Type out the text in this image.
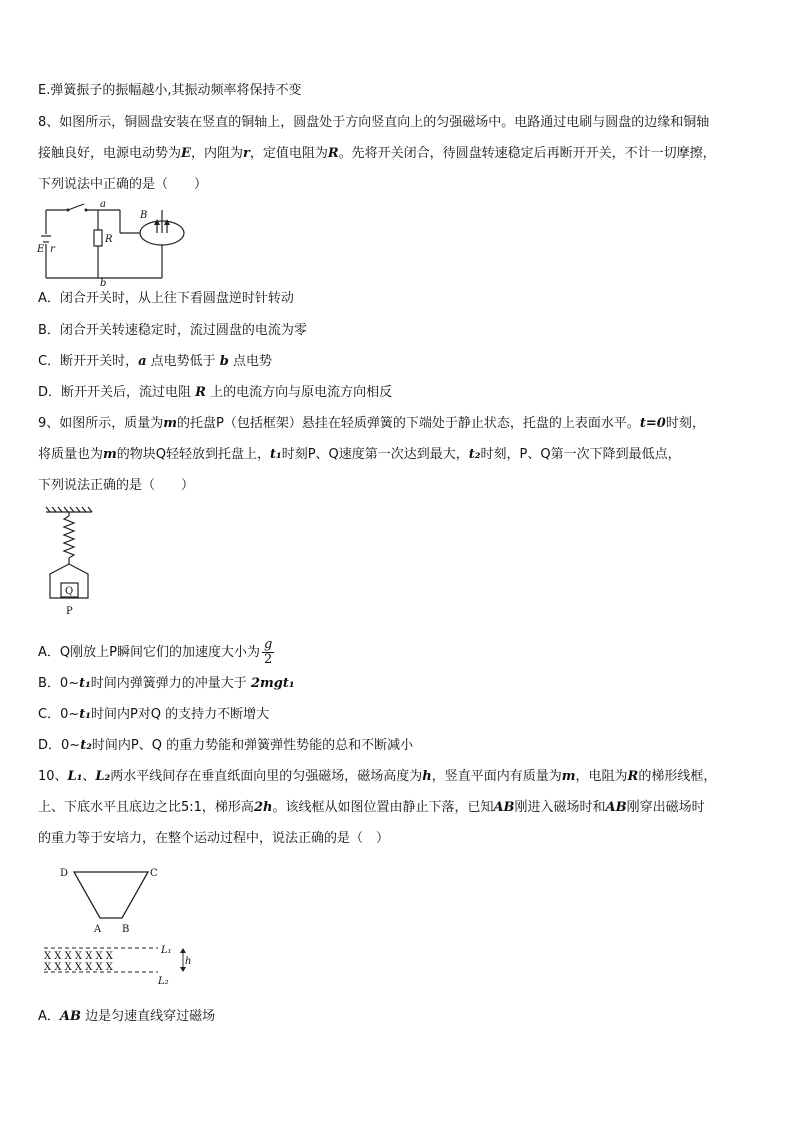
E.弹簧振子的振幅越小,其振动频率将保持不变
8、如图所示，铜圆盘安装在竖直的铜轴上，圆盘处于方向竖直向上的匀强磁场中。电路通过电刷与圆盘的边缘和铜轴
接触良好，电源电动势为E，内阻为r，定值电阻为R。先将开关闭合，待圆盘转速稳定后再断开开关，不计一切摩擦，
下列说法中正确的是（　　）
a
b
B
R
E r
A．闭合开关时，从上往下看圆盘逆时针转动
B．闭合开关转速稳定时，流过圆盘的电流为零
C．断开开关时，a 点电势低于 b 点电势
D．断开开关后，流过电阻 R 上的电流方向与原电流方向相反
9、如图所示，质量为m的托盘P（包括框架）悬挂在轻质弹簧的下端处于静止状态，托盘的上表面水平。t=0时刻，
将质量也为m的物块Q轻轻放到托盘上，t₁时刻P、Q速度第一次达到最大，t₂时刻，P、Q第一次下降到最低点，
下列说法正确的是（　　）
Q
P
A．Q刚放上P瞬间它们的加速度大小为 $\frac{g}{2}$
B．0~t₁时间内弹簧弹力的冲量大于 2mgt₁
C．0~t₁时间内P对Q 的支持力不断增大
D．0~t₂时间内P、Q 的重力势能和弹簧弹性势能的总和不断减小
10、L₁、L₂两水平线间存在垂直纸面向里的匀强磁场，磁场高度为h，竖直平面内有质量为m，电阻为R的梯形线框，
上、下底水平且底边之比5:1，梯形高2h。该线框从如图位置由静止下落，已知AB刚进入磁场时和AB刚穿出磁场时
的重力等于安培力，在整个运动过程中，说法正确的是（　）
D	C
A B
X X X X X X X
X X X X X X X
L₁
L₂
h
A．AB 边是匀速直线穿过磁场
